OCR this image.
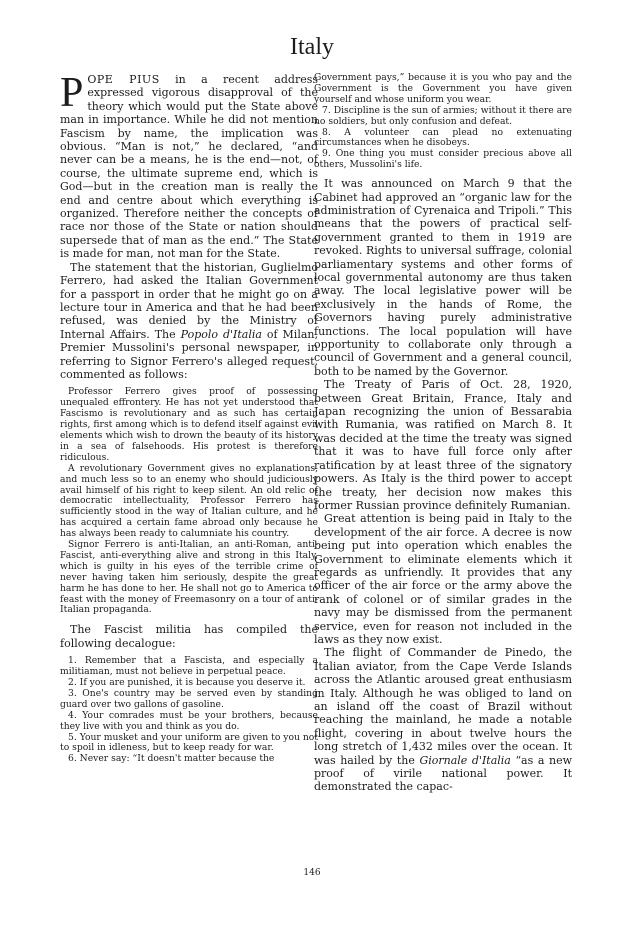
Italy

POPE PIUS in a recent address expressed vigorous disapproval of the theory which would put the State above man in importance. While he did not mention Fascism by name, the implication was obvious. “Man is not,” he declared, “and never can be a means, he is the end—not, of course, the ultimate supreme end, which is God—but in the creation man is really the end and centre about which everything is organized. Therefore neither the concepts of race nor those of the State or nation should supersede that of man as the end.” The State is made for man, not man for the State.

The statement that the historian, Guglielmo Ferrero, had asked the Italian Government for a passport in order that he might go on a lecture tour in America and that he had been refused, was denied by the Ministry of Internal Affairs. The Popolo d'Italia of Milan, Premier Mussolini's personal newspaper, in referring to Signor Ferrero's alleged request, commented as follows:

Professor Ferrero gives proof of possessing unequaled effrontery. He has not yet understood that Fascismo is revolutionary and as such has certain rights, first among which is to defend itself against evil elements which wish to drown the beauty of its history in a sea of falsehoods. His protest is therefore ridiculous.

A revolutionary Government gives no explanations, and much less so to an enemy who should judiciously avail himself of his right to keep silent. An old relic of democratic intellectuality, Professor Ferrero has sufficiently stood in the way of Italian culture, and he has acquired a certain fame abroad only because he has always been ready to calumniate his country.

Signor Ferrero is anti-Italian, an anti-Roman, anti-Fascist, anti-everything alive and strong in this Italy, which is guilty in his eyes of the terrible crime of never having taken him seriously, despite the great harm he has done to her. He shall not go to America to feast with the money of Freemasonry on a tour of anti-Italian propaganda.

The Fascist militia has compiled the following decalogue:

1. Remember that a Fascista, and especially a militiaman, must not believe in perpetual peace.

2. If you are punished, it is because you deserve it.

3. One's country may be served even by standing guard over two gallons of gasoline.

4. Your comrades must be your brothers, because they live with you and think as you do.

5. Your musket and your uniform are given to you not to spoil in idleness, but to keep ready for war.

6. Never say: “It doesn't matter because the

Government pays,” because it is you who pay and the Government is the Government you have given yourself and whose uniform you wear.

7. Discipline is the sun of armies; without it there are no soldiers, but only confusion and defeat.

8. A volunteer can plead no extenuating circumstances when he disobeys.

9. One thing you must consider precious above all others, Mussolini's life.

It was announced on March 9 that the Cabinet had approved an “organic law for the administration of Cyrenaica and Tripoli.” This means that the powers of practical self-government granted to them in 1919 are revoked. Rights to universal suffrage, colonial parliamentary systems and other forms of local governmental autonomy are thus taken away. The local legislative power will be exclusively in the hands of Rome, the Governors having purely administrative functions. The local population will have opportunity to collaborate only through a council of Government and a general council, both to be named by the Governor.

The Treaty of Paris of Oct. 28, 1920, between Great Britain, France, Italy and Japan recognizing the union of Bessarabia with Rumania, was ratified on March 8. It was decided at the time the treaty was signed that it was to have full force only after ratification by at least three of the signatory powers. As Italy is the third power to accept the treaty, her decision now makes this former Russian province definitely Rumanian.

Great attention is being paid in Italy to the development of the air force. A decree is now being put into operation which enables the Government to eliminate elements which it regards as unfriendly. It provides that any officer of the air force or the army above the rank of colonel or of similar grades in the navy may be dismissed from the permanent service, even for reason not included in the laws as they now exist.

The flight of Commander de Pinedo, the Italian aviator, from the Cape Verde Islands across the Atlantic aroused great enthusiasm in Italy. Although he was obliged to land on an island off the coast of Brazil without reaching the mainland, he made a notable flight, covering in about twelve hours the long stretch of 1,432 miles over the ocean. It was hailed by the Giornale d'Italia “as a new proof of virile national power. It demonstrated the capac-

146
